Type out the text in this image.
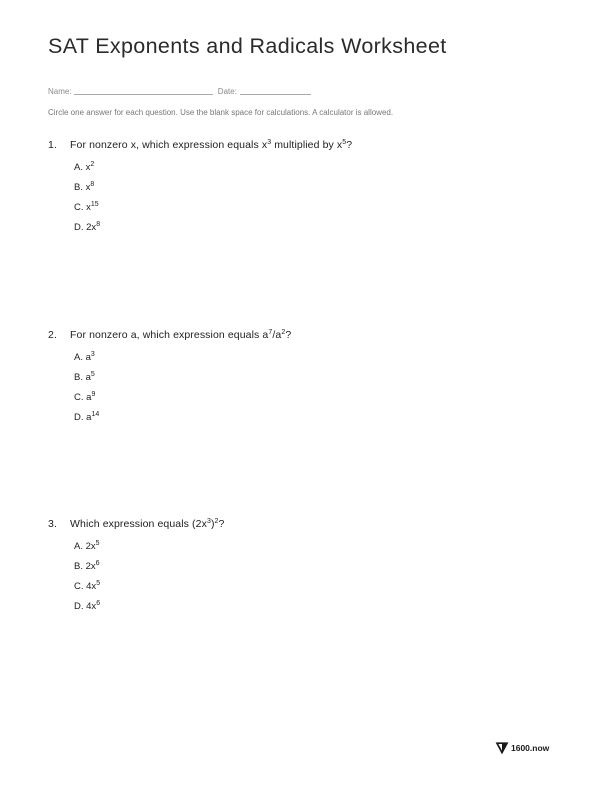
SAT Exponents and Radicals Worksheet
Name:	Date:
Circle one answer for each question. Use the blank space for calculations. A calculator is allowed.
1. For nonzero x, which expression equals $x^3$ multiplied by $x^5$?
A. $x^2$
B. $x^8$
C. $x^{15}$
D. $2x^8$
2. For nonzero a, which expression equals $a^7/a^2$?
A. $a^3$
B. $a^5$
C. $a^9$
D. $a^{14}$
3. Which expression equals $(2x^3)^2$?
A. $2x^5$
B. $2x^6$
C. $4x^5$
D. $4x^6$
1600.now
